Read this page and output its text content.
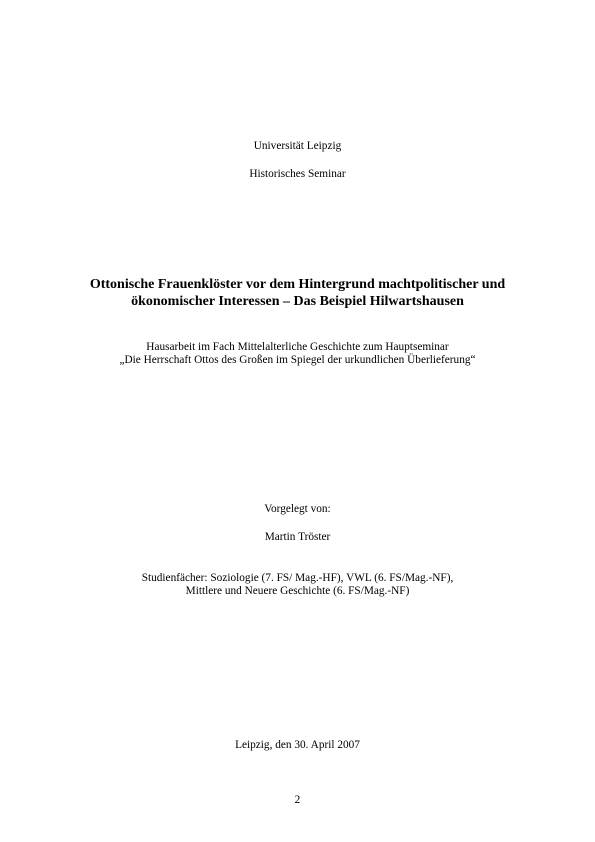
Universität Leipzig
Historisches Seminar
Ottonische Frauenklöster vor dem Hintergrund machtpolitischer und
ökonomischer Interessen – Das Beispiel Hilwartshausen
Hausarbeit im Fach Mittelalterliche Geschichte zum Hauptseminar
„Die Herrschaft Ottos des Großen im Spiegel der urkundlichen Überlieferung“
Vorgelegt von:
Martin Tröster
Studienfächer: Soziologie (7. FS/ Mag.-HF), VWL (6. FS/Mag.-NF),
Mittlere und Neuere Geschichte (6. FS/Mag.-NF)
Leipzig, den 30. April 2007
2
